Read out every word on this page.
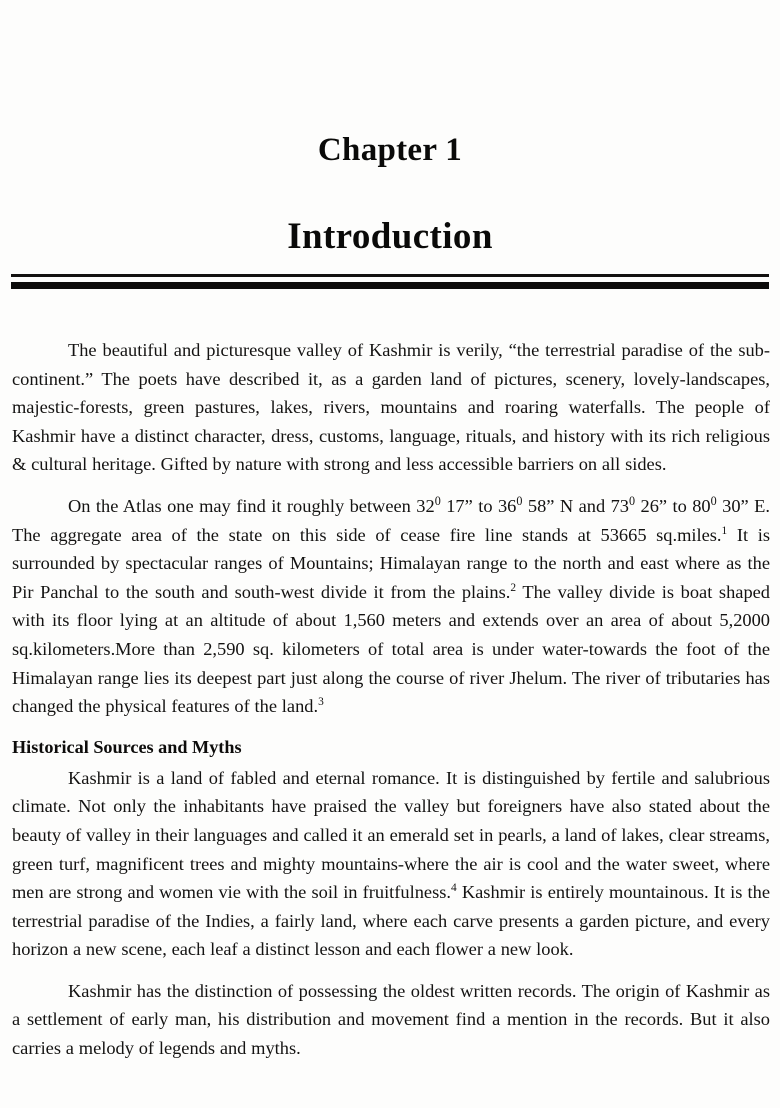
Chapter 1
Introduction

The beautiful and picturesque valley of Kashmir is verily, “the terrestrial paradise of the sub-continent.” The poets have described it, as a garden land of pictures, scenery, lovely-landscapes, majestic-forests, green pastures, lakes, rivers, mountains and roaring waterfalls. The people of Kashmir have a distinct character, dress, customs, language, rituals, and history with its rich religious & cultural heritage. Gifted by nature with strong and less accessible barriers on all sides.

On the Atlas one may find it roughly between $32^0$ 17” to $36^0$ 58” N and $73^0$ 26” to $80^0$ 30” E. The aggregate area of the state on this side of cease fire line stands at 53665 sq.miles.$^1$ It is surrounded by spectacular ranges of Mountains; Himalayan range to the north and east where as the Pir Panchal to the south and south-west divide it from the plains.$^2$ The valley divide is boat shaped with its floor lying at an altitude of about 1,560 meters and extends over an area of about 5,2000 sq.kilometers.More than 2,590 sq. kilometers of total area is under water-towards the foot of the Himalayan range lies its deepest part just along the course of river Jhelum. The river of tributaries has changed the physical features of the land.$^3$

Historical Sources and Myths

Kashmir is a land of fabled and eternal romance. It is distinguished by fertile and salubrious climate. Not only the inhabitants have praised the valley but foreigners have also stated about the beauty of valley in their languages and called it an emerald set in pearls, a land of lakes, clear streams, green turf, magnificent trees and mighty mountains-where the air is cool and the water sweet, where men are strong and women vie with the soil in fruitfulness.$^4$ Kashmir is entirely mountainous. It is the terrestrial paradise of the Indies, a fairly land, where each carve presents a garden picture, and every horizon a new scene, each leaf a distinct lesson and each flower a new look.

Kashmir has the distinction of possessing the oldest written records. The origin of Kashmir as a settlement of early man, his distribution and movement find a mention in the records. But it also carries a melody of legends and myths.
